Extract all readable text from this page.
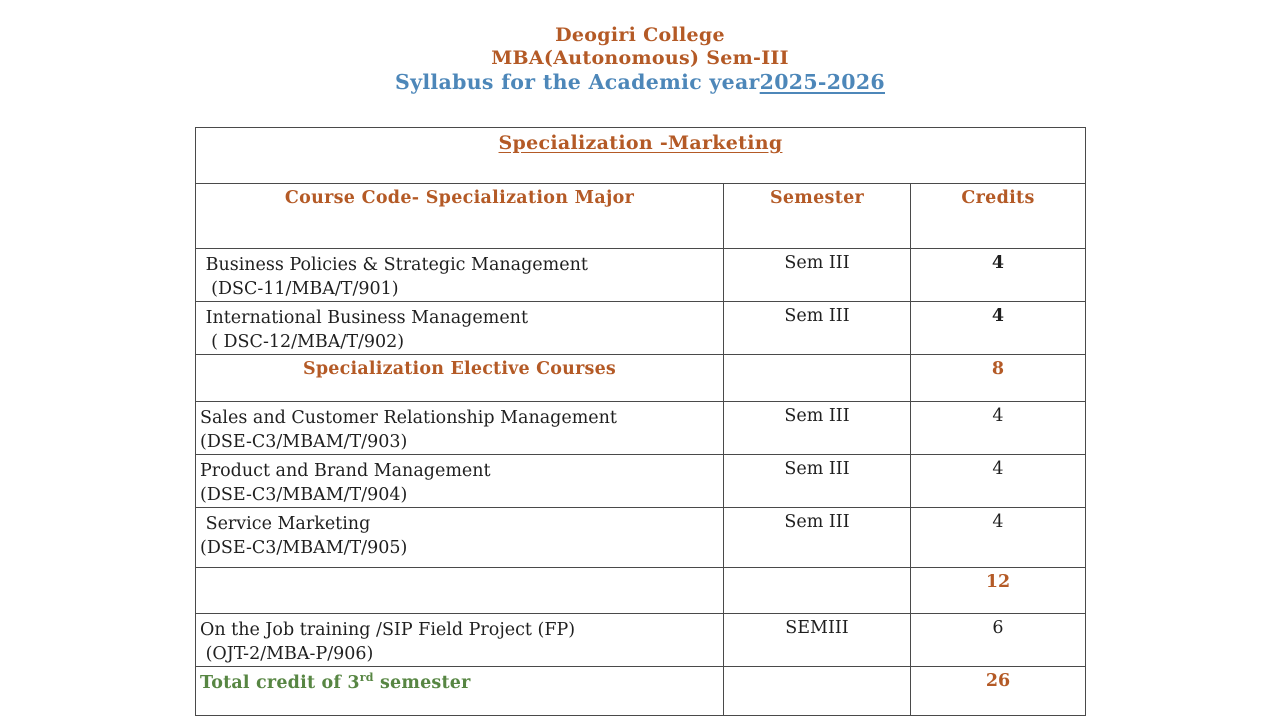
Deogiri College
MBA(Autonomous) Sem-III
Syllabus for the Academic year2025-2026
Specialization -Marketing		
Course Code- Specialization Major	Semester	Credits

Business Policies & Strategic Management
(DSC-11/MBA/T/901)	Sem III	4

International Business Management
( DSC-12/MBA/T/902)	Sem III	4
Specialization Elective Courses		8

Sales and Customer Relationship Management
(DSE-C3/MBAM/T/903)	Sem III	4

Product and Brand Management
(DSE-C3/MBAM/T/904)	Sem III	4

Service Marketing
(DSE-C3/MBAM/T/905)	Sem III	4
		12

On the Job training /SIP Field Project (FP)
(OJT-2/MBA-P/906)	SEMIII	6
Total credit of 3rd semester		26
